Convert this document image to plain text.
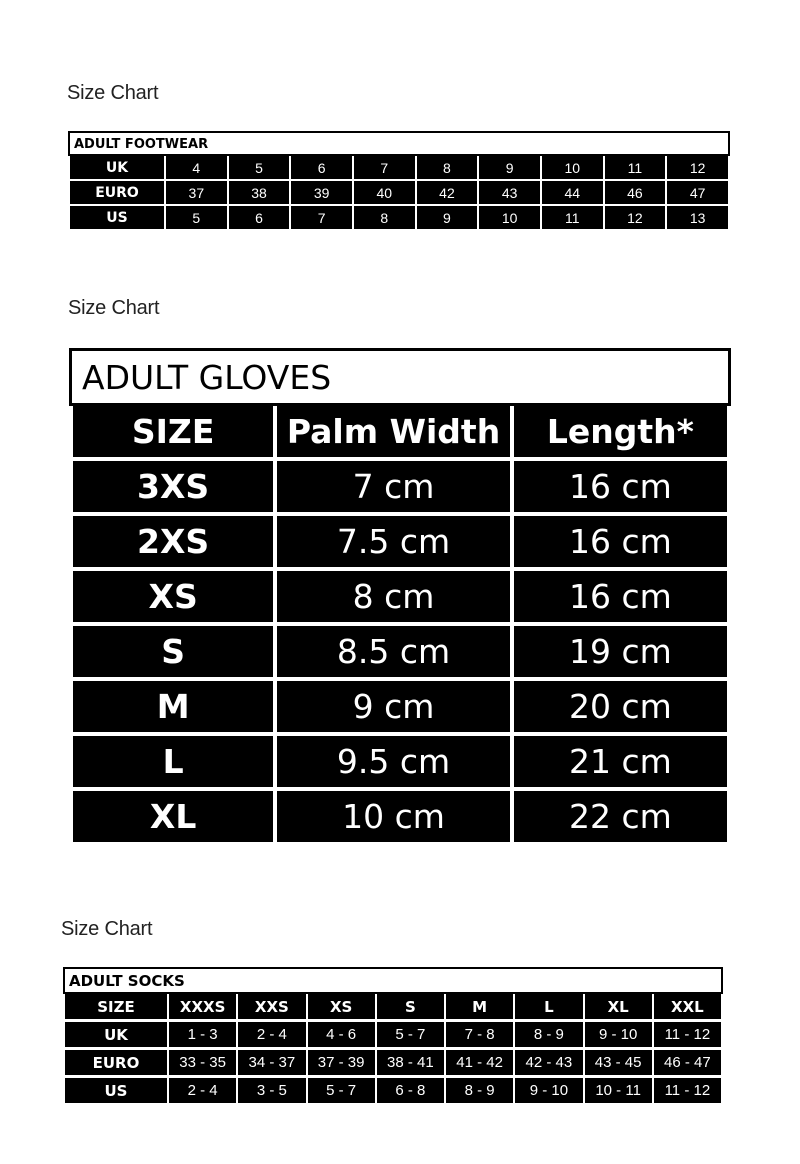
Size Chart
ADULT FOOTWEAR
UK	4	5	6	7	8	9	10	11	12
EURO	37	38	39	40	42	43	44	46	47
US	5	6	7	8	9	10	11	12	13
Size Chart
ADULT GLOVES
SIZE	Palm Width	Length*
3XS	7 cm	16 cm
2XS	7.5 cm	16 cm
XS	8 cm	16 cm
S	8.5 cm	19 cm
M	9 cm	20 cm
L	9.5 cm	21 cm
XL	10 cm	22 cm
Size Chart
ADULT SOCKS
SIZE	XXXS	XXS	XS	S	M	L	XL	XXL
UK	1 - 3	2 - 4	4 - 6	5 - 7	7 - 8	8 - 9	9 - 10	11 - 12
EURO	33 - 35	34 - 37	37 - 39	38 - 41	41 - 42	42 - 43	43 - 45	46 - 47
US	2 - 4	3 - 5	5 - 7	6 - 8	8 - 9	9 - 10	10 - 11	11 - 12
